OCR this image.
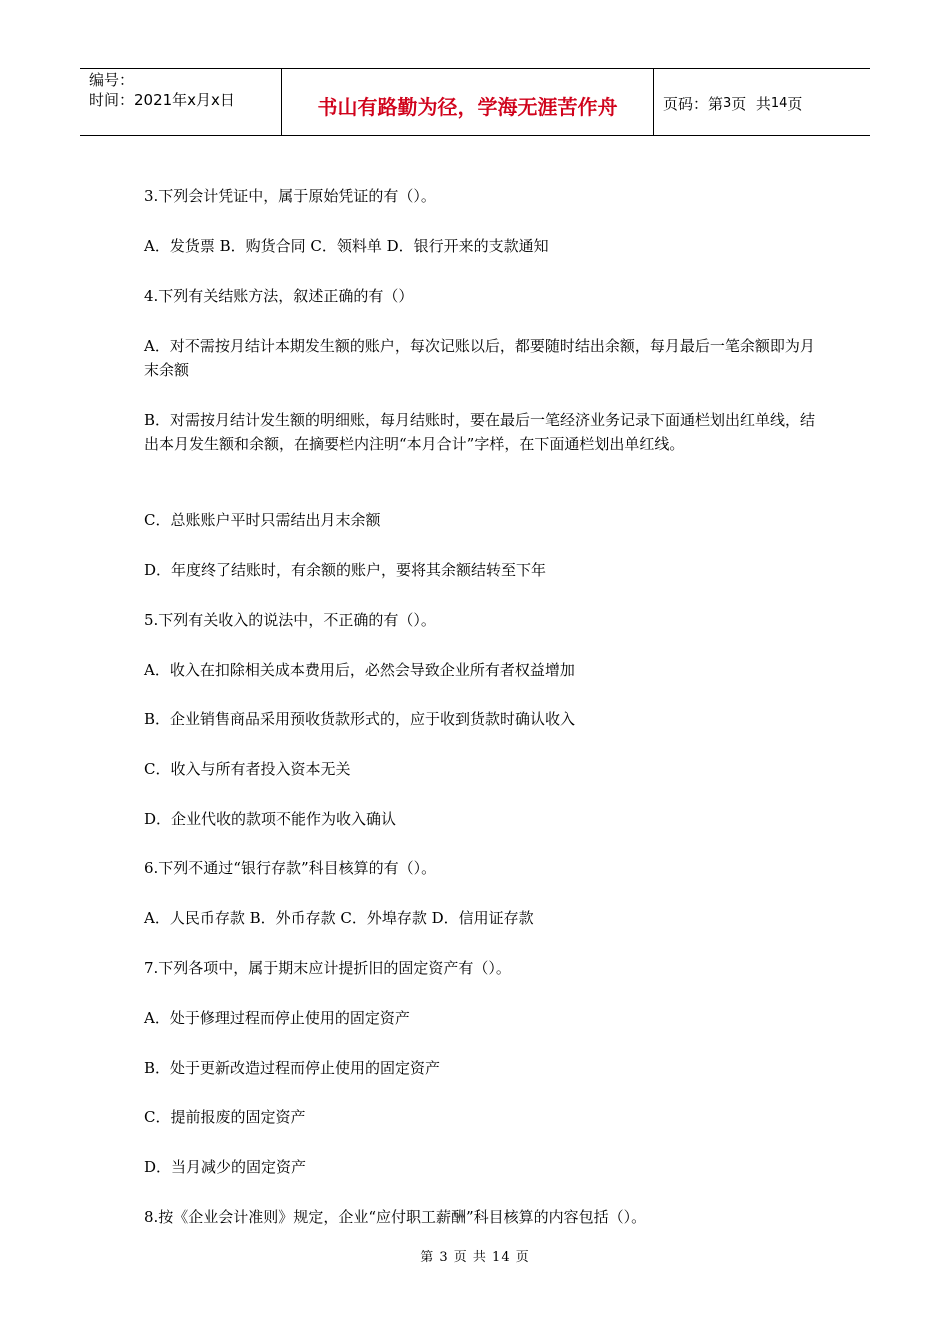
编号：
时间：2021年x月x日	书山有路勤为径，学海无涯苦作舟	页码：第 3 页  共 14 页

3.下列会计凭证中，属于原始凭证的有（）。

A．发货票 B．购货合同 C．领料单 D．银行开来的支款通知

4.下列有关结账方法，叙述正确的有（）

A．对不需按月结计本期发生额的账户，每次记账以后，都要随时结出余额，每月最后一笔余额即为月末余额

B．对需按月结计发生额的明细账，每月结账时，要在最后一笔经济业务记录下面通栏划出红单线，结出本月发生额和余额，在摘要栏内注明“本月合计”字样，在下面通栏划出单红线。

C．总账账户平时只需结出月末余额

D．年度终了结账时，有余额的账户，要将其余额结转至下年

5.下列有关收入的说法中，不正确的有（）。

A．收入在扣除相关成本费用后，必然会导致企业所有者权益增加

B．企业销售商品采用预收货款形式的，应于收到货款时确认收入

C．收入与所有者投入资本无关

D．企业代收的款项不能作为收入确认

6.下列不通过“银行存款”科目核算的有（）。

A．人民币存款 B．外币存款 C．外埠存款 D．信用证存款

7.下列各项中，属于期末应计提折旧的固定资产有（）。

A．处于修理过程而停止使用的固定资产

B．处于更新改造过程而停止使用的固定资产

C．提前报废的固定资产

D．当月减少的固定资产

8.按《企业会计准则》规定，企业“应付职工薪酬”科目核算的内容包括（）。

第 3 页 共 14 页
